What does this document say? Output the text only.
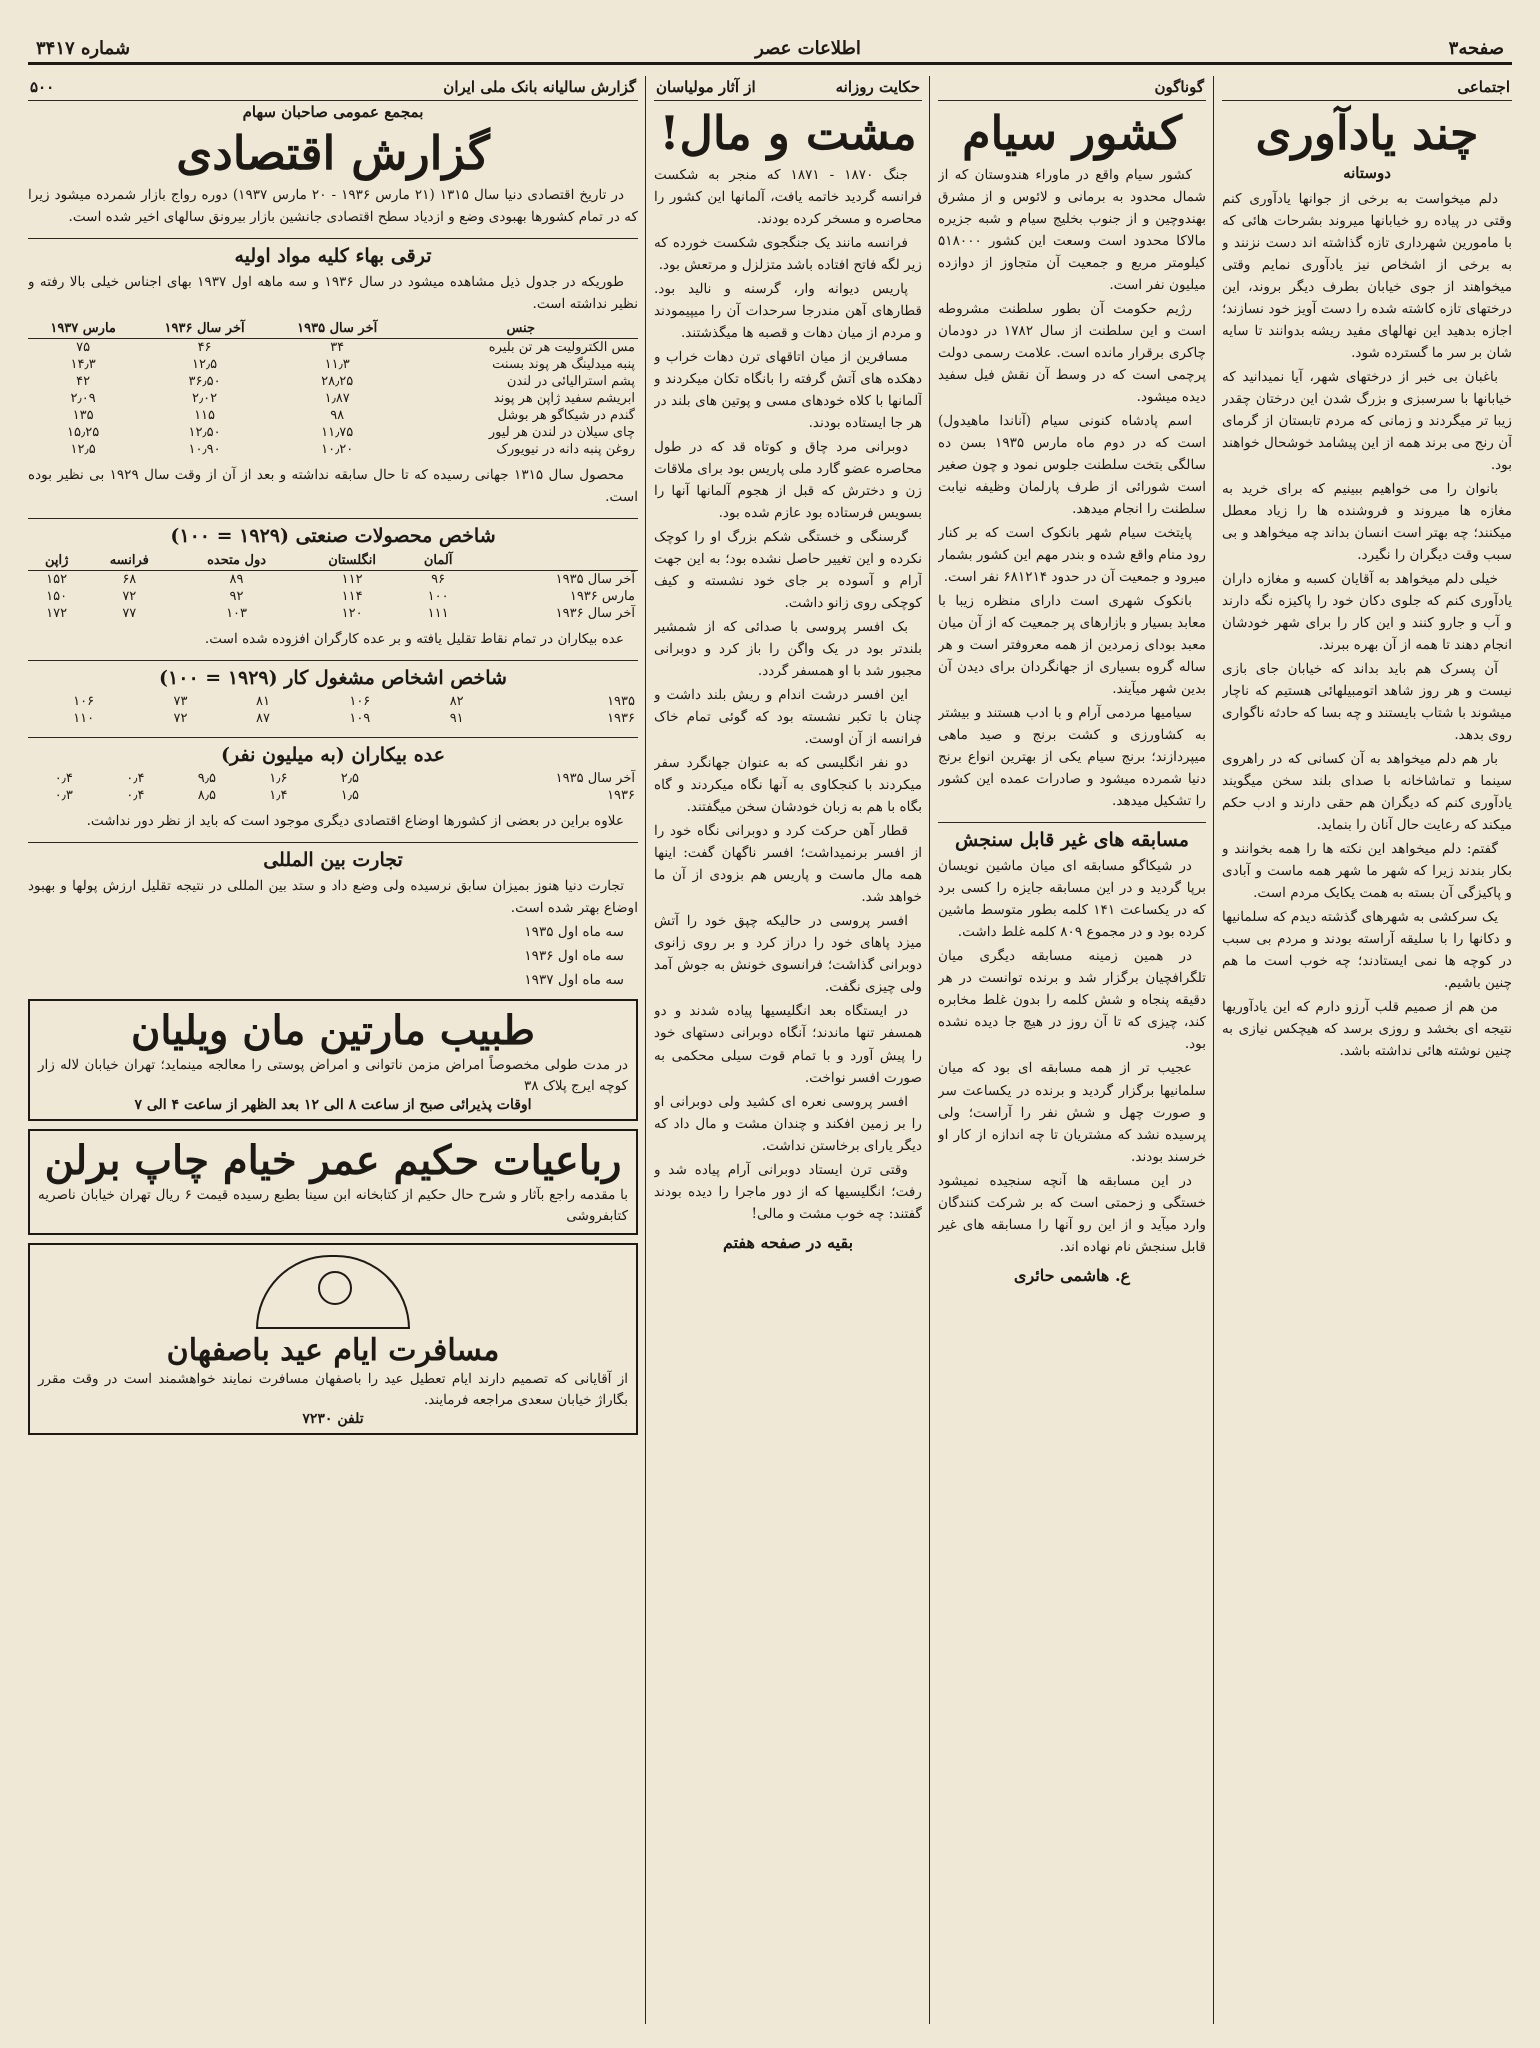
صفحه۳
اطلاعات عصر
شماره ۳۴۱۷
اجتماعی
چند یادآوری
دوستانه

دلم میخواست به برخی از جوانها یادآوری کنم وقتی در پیاده رو خیابانها میروند بشرحات هائی که با مامورین شهرداری تازه گذاشته اند دست نزنند و به برخی از اشخاص نیز یادآوری نمایم وقتی میخواهند از جوی خیابان بطرف دیگر بروند، این درختهای تازه کاشته شده را دست آویز خود نسازند؛ اجازه بدهید این نهالهای مفید ریشه بدوانند تا سایه شان بر سر ما گسترده شود.

باغبان بی خبر از درختهای شهر، آیا نمیدانید که خیابانها با سرسبزی و بزرگ شدن این درختان چقدر زیبا تر میگردند و زمانی که مردم تابستان از گرمای آن رنج می برند همه از این پیشامد خوشحال خواهند بود.

بانوان را می خواهیم ببینیم که برای خرید به مغازه ها میروند و فروشنده ها را زیاد معطل میکنند؛ چه بهتر است انسان بداند چه میخواهد و بی سبب وقت دیگران را نگیرد.

خیلی دلم میخواهد به آقایان کسبه و مغازه داران یادآوری کنم که جلوی دکان خود را پاکیزه نگه دارند و آب و جارو کنند و این کار را برای شهر خودشان انجام دهند تا همه از آن بهره ببرند.

آن پسرک هم باید بداند که خیابان جای بازی نیست و هر روز شاهد اتومبیلهائی هستیم که ناچار میشوند با شتاب بایستند و چه بسا که حادثه ناگواری روی بدهد.

بار هم دلم میخواهد به آن کسانی که در راهروی سینما و تماشاخانه با صدای بلند سخن میگویند یادآوری کنم که دیگران هم حقی دارند و ادب حکم میکند که رعایت حال آنان را بنماید.

گفتم: دلم میخواهد این نکته ها را همه بخوانند و بکار بندند زیرا که شهر ما شهر همه ماست و آبادی و پاکیزگی آن بسته به همت یکایک مردم است.

یک سرکشی به شهرهای گذشته دیدم که سلمانیها و دکانها را با سلیقه آراسته بودند و مردم بی سبب در کوچه ها نمی ایستادند؛ چه خوب است ما هم چنین باشیم.

من هم از صمیم قلب آرزو دارم که این یادآوریها نتیجه ای بخشد و روزی برسد که هیچکس نیازی به چنین نوشته هائی نداشته باشد.

گوناگون
کشور سیام

کشور سیام واقع در ماوراء هندوستان که از شمال محدود به برمانی و لائوس و از مشرق بهندوچین و از جنوب بخلیج سیام و شبه جزیره مالاکا محدود است وسعت این کشور ۵۱۸۰۰۰ کیلومتر مربع و جمعیت آن متجاوز از دوازده میلیون نفر است.

رژیم حکومت آن بطور سلطنت مشروطه است و این سلطنت از سال ۱۷۸۲ در دودمان چاکری برقرار مانده است. علامت رسمی دولت پرچمی است که در وسط آن نقش فیل سفید دیده میشود.

اسم پادشاه کنونی سیام (آناندا ماهیدول) است که در دوم ماه مارس ۱۹۳۵ بسن ده سالگی بتخت سلطنت جلوس نمود و چون صغیر است شورائی از طرف پارلمان وظیفه نیابت سلطنت را انجام میدهد.

پایتخت سیام شهر بانکوک است که بر کنار رود منام واقع شده و بندر مهم این کشور بشمار میرود و جمعیت آن در حدود ۶۸۱۲۱۴ نفر است.

بانکوک شهری است دارای منظره زیبا با معابد بسیار و بازارهای پر جمعیت که از آن میان معبد بودای زمردین از همه معروفتر است و هر ساله گروه بسیاری از جهانگردان برای دیدن آن بدین شهر میآیند.

سیامیها مردمی آرام و با ادب هستند و بیشتر به کشاورزی و کشت برنج و صید ماهی میپردازند؛ برنج سیام یکی از بهترین انواع برنج دنیا شمرده میشود و صادرات عمده این کشور را تشکیل میدهد.

مسابقه های غیر قابل سنجش

در شیکاگو مسابقه ای میان ماشین نویسان برپا گردید و در این مسابقه جایزه را کسی برد که در یکساعت ۱۴۱ کلمه بطور متوسط ماشین کرده بود و در مجموع ۸۰۹ کلمه غلط داشت.

در همین زمینه مسابقه دیگری میان تلگرافچیان برگزار شد و برنده توانست در هر دقیقه پنجاه و شش کلمه را بدون غلط مخابره کند، چیزی که تا آن روز در هیچ جا دیده نشده بود.

عجیب تر از همه مسابقه ای بود که میان سلمانیها برگزار گردید و برنده در یکساعت سر و صورت چهل و شش نفر را آراست؛ ولی پرسیده نشد که مشتریان تا چه اندازه از کار او خرسند بودند.

در این مسابقه ها آنچه سنجیده نمیشود خستگی و زحمتی است که بر شرکت کنندگان وارد میآید و از این رو آنها را مسابقه های غیر قابل سنجش نام نهاده اند.

ع. هاشمی حائری
حکایت روزانه
از آثار مولیاسان
مشت و مال!

جنگ ۱۸۷۰ - ۱۸۷۱ که منجر به شکست فرانسه گردید خاتمه یافت، آلمانها این کشور را محاصره و مسخر کرده بودند.

فرانسه مانند یک جنگجوی شکست خورده که زیر لگه فاتح افتاده باشد متزلزل و مرتعش بود.

پاریس دیوانه وار، گرسنه و نالید بود. قطارهای آهن مندرجا سرحدات آن را میپیمودند و مردم از میان دهات و قصبه ها میگذشتند.

مسافرین از میان اتاقهای ترن دهات خراب و دهکده های آتش گرفته را بانگاه تکان میکردند و آلمانها با کلاه خودهای مسی و پوتین های بلند در هر جا ایستاده بودند.

دوبرانی مرد چاق و کوتاه قد که در طول محاصره عضو گارد ملی پاریس بود برای ملاقات زن و دخترش که قبل از هجوم آلمانها آنها را بسویس فرستاده بود عازم شده بود.

گرسنگی و خستگی شکم بزرگ او را کوچک نکرده و این تغییر حاصل نشده بود؛ به این جهت آرام و آسوده بر جای خود نشسته و کیف کوچکی روی زانو داشت.

بک افسر پروسی با صدائی که از شمشیر بلندتر بود در یک واگن را باز کرد و دوبرانی مجبور شد با او همسفر گردد.

این افسر درشت اندام و ریش بلند داشت و چنان با تکبر نشسته بود که گوئی تمام خاک فرانسه از آن اوست.

دو نفر انگلیسی که به عنوان جهانگرد سفر میکردند با کنجکاوی به آنها نگاه میکردند و گاه بگاه با هم به زبان خودشان سخن میگفتند.

قطار آهن حرکت کرد و دوبرانی نگاه خود را از افسر برنمیداشت؛ افسر ناگهان گفت: اینها همه مال ماست و پاریس هم بزودی از آن ما خواهد شد.

افسر پروسی در حالیکه چپق خود را آتش میزد پاهای خود را دراز کرد و بر روی زانوی دوبرانی گذاشت؛ فرانسوی خونش به جوش آمد ولی چیزی نگفت.

در ایستگاه بعد انگلیسیها پیاده شدند و دو همسفر تنها ماندند؛ آنگاه دوبرانی دستهای خود را پیش آورد و با تمام قوت سیلی محکمی به صورت افسر نواخت.

افسر پروسی نعره ای کشید ولی دوبرانی او را بر زمین افکند و چندان مشت و مال داد که دیگر یارای برخاستن نداشت.

وقتی ترن ایستاد دوبرانی آرام پیاده شد و رفت؛ انگلیسیها که از دور ماجرا را دیده بودند گفتند: چه خوب مشت و مالی!

بقیه در صفحه هفتم
گزارش سالیانه بانک ملی ایران
۵۰۰
بمجمع عمومی صاحبان سهام
گزارش اقتصادی

در تاریخ اقتصادی دنیا سال ۱۳۱۵ (۲۱ مارس ۱۹۳۶ - ۲۰ مارس ۱۹۳۷) دوره رواج بازار شمرده میشود زیرا که در تمام کشورها بهبودی وضع و ازدیاد سطح اقتصادی جانشین بازار بیرونق سالهای اخیر شده است.

ترقی بهاء کلیه مواد اولیه

طوریکه در جدول ذیل مشاهده میشود در سال ۱۹۳۶ و سه ماهه اول ۱۹۳۷ بهای اجناس خیلی بالا رفته و نظیر نداشته است.

جنس	آخر سال ۱۹۳۵	آخر سال ۱۹۳۶	مارس ۱۹۳۷
مس الکترولیت هر تن بلیره	۳۴	۴۶	۷۵
پنبه میدلینگ هر پوند بسنت	۱۱٫۳	۱۲٫۵	۱۴٫۳
پشم استرالیائی در لندن	۲۸٫۲۵	۳۶٫۵۰	۴۲
ابریشم سفید ژاپن هر پوند	۱٫۸۷	۲٫۰۲	۲٫۰۹
گندم در شیکاگو هر بوشل	۹۸	۱۱۵	۱۳۵
چای سیلان در لندن هر لیور	۱۱٫۷۵	۱۲٫۵۰	۱۵٫۲۵
روغن پنبه دانه در نیویورک	۱۰٫۲۰	۱۰٫۹۰	۱۲٫۵

محصول سال ۱۳۱۵ جهانی رسیده که تا حال سابقه نداشته و بعد از آن از وقت سال ۱۹۲۹ بی نظیر بوده است.

شاخص محصولات صنعتی (۱۹۲۹ = ۱۰۰)
	آلمان	انگلستان	دول متحده	فرانسه	ژاپن
آخر سال ۱۹۳۵	۹۶	۱۱۲	۸۹	۶۸	۱۵۲
مارس ۱۹۳۶	۱۰۰	۱۱۴	۹۲	۷۲	۱۵۰
آخر سال ۱۹۳۶	۱۱۱	۱۲۰	۱۰۳	۷۷	۱۷۲

عده بیکاران در تمام نقاط تقلیل یافته و بر عده کارگران افزوده شده است.

شاخص اشخاص مشغول کار (۱۹۲۹ = ۱۰۰)
۱۹۳۵	۸۲	۱۰۶	۸۱	۷۳	۱۰۶
۱۹۳۶	۹۱	۱۰۹	۸۷	۷۲	۱۱۰
عده بیکاران (به میلیون نفر)
آخر سال ۱۹۳۵	۲٫۵	۱٫۶	۹٫۵	۰٫۴	۰٫۴
۱۹۳۶	۱٫۵	۱٫۴	۸٫۵	۰٫۴	۰٫۳

علاوه براین در بعضی از کشورها اوضاع اقتصادی دیگری موجود است که باید از نظر دور نداشت.

تجارت بین المللی

تجارت دنیا هنوز بمیزان سابق نرسیده ولی وضع داد و ستد بین المللی در نتیجه تقلیل ارزش پولها و بهبود اوضاع بهتر شده است.

سه ماه اول ۱۹۳۵

سه ماه اول ۱۹۳۶

سه ماه اول ۱۹۳۷

طبیب مارتین مان ویلیان
در مدت طولی مخصوصاً امراض مزمن ناتوانی و امراض پوستی را معالجه مینماید؛ تهران خیابان لاله زار کوچه ایرج پلاک ۳۸
اوقات پذیرائی صبح از ساعت ۸ الی ۱۲ بعد الظهر از ساعت ۴ الی ۷
رباعیات حکیم عمر خیام چاپ برلن
با مقدمه راجع بآثار و شرح حال حکیم از کتابخانه ابن سینا بطبع رسیده قیمت ۶ ریال تهران خیابان ناصریه کتابفروشی
مسافرت ایام عید باصفهان
از آقایانی که تصمیم دارند ایام تعطیل عید را باصفهان مسافرت نمایند خواهشمند است در وقت مقرر بگاراژ خیابان سعدی مراجعه فرمایند.
تلفن ۷۲۳۰
